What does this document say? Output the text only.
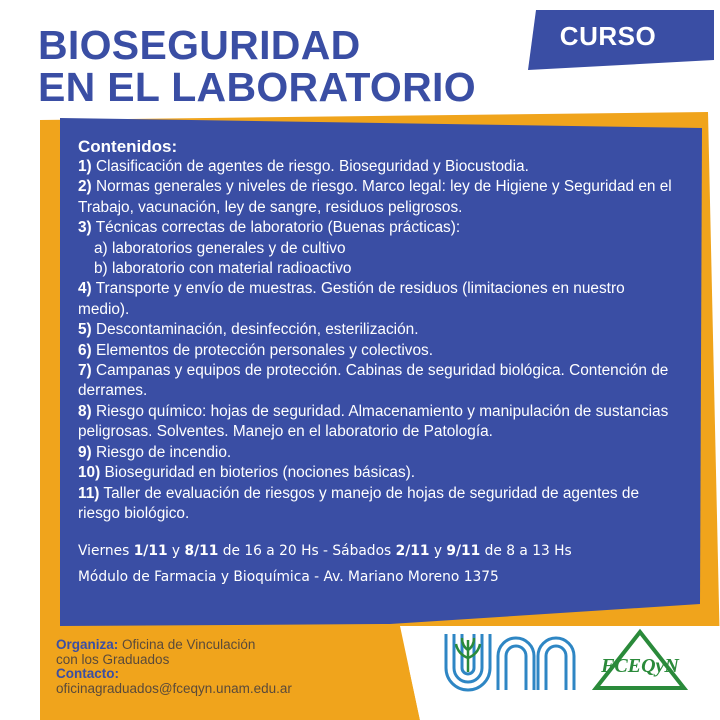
CURSO
BIOSEGURIDAD
EN EL LABORATORIO
Contenidos:
1) Clasificación de agentes de riesgo. Bioseguridad y Biocustodia.
2) Normas generales y niveles de riesgo. Marco legal: ley de Higiene y Seguridad en el Trabajo, vacunación, ley de sangre, residuos peligrosos.
3) Técnicas correctas de laboratorio (Buenas prácticas):
a) laboratorios generales y de cultivo
b) laboratorio con material radioactivo
4) Transporte y envío de muestras. Gestión de residuos (limitaciones en nuestro medio).
5) Descontaminación, desinfección, esterilización.
6) Elementos de protección personales y colectivos.
7) Campanas y equipos de protección. Cabinas de seguridad biológica. Contención de derrames.
8) Riesgo químico: hojas de seguridad. Almacenamiento y manipulación de sustancias peligrosas. Solventes. Manejo en el laboratorio de Patología.
9) Riesgo de incendio.
10) Bioseguridad en bioterios (nociones básicas).
11) Taller de evaluación de riesgos y manejo de hojas de seguridad de agentes de riesgo biológico.
Viernes 1/11 y 8/11 de 16 a 20 Hs - Sábados 2/11 y 9/11 de 8 a 13 Hs
Módulo de Farmacia y Bioquímica - Av. Mariano Moreno 1375
Organiza: Oficina de Vinculación
con los Graduados
Contacto:
oficinagraduados@fceqyn.unam.edu.ar
FCEQyN
